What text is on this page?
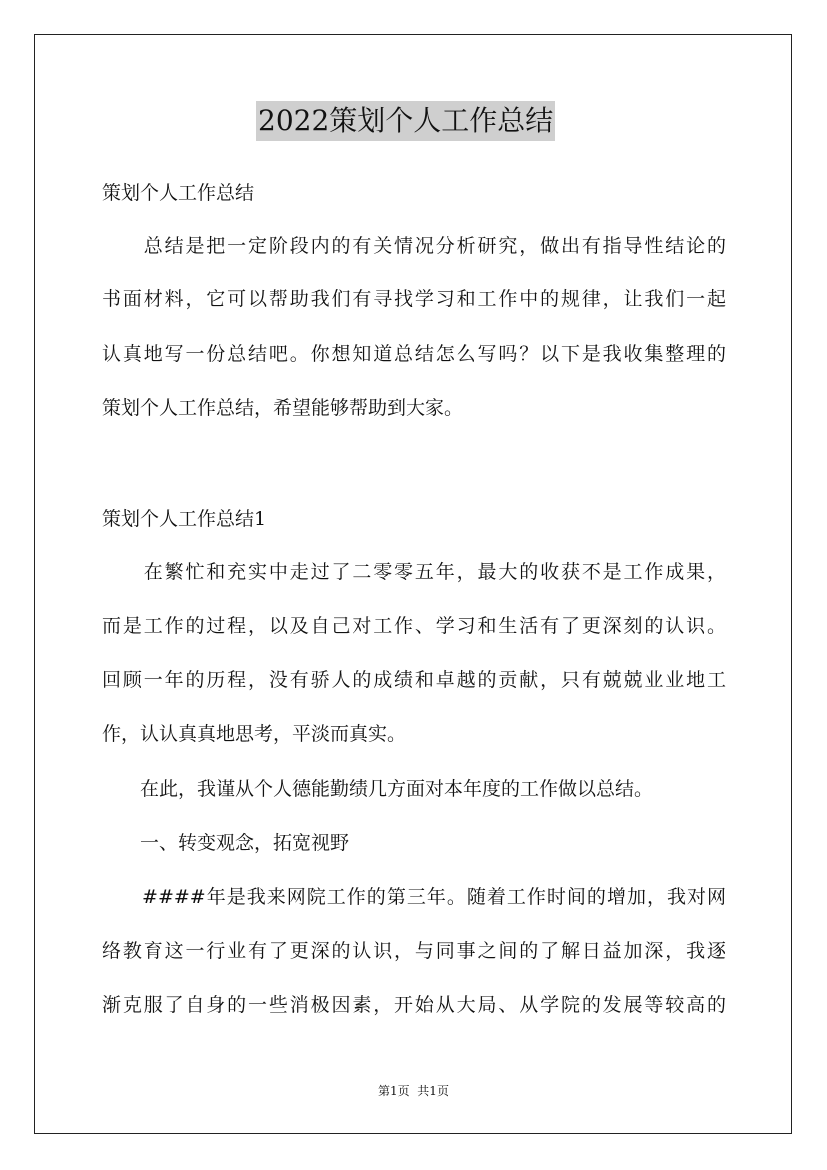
2022策划个人工作总结

策划个人工作总结

　　总结是把一定阶段内的有关情况分析研究，做出有指导性结论的

书面材料，它可以帮助我们有寻找学习和工作中的规律，让我们一起

认真地写一份总结吧。你想知道总结怎么写吗？以下是我收集整理的

策划个人工作总结，希望能够帮助到大家。

策划个人工作总结1

　　在繁忙和充实中走过了二零零五年，最大的收获不是工作成果，

而是工作的过程，以及自己对工作、学习和生活有了更深刻的认识。

回顾一年的历程，没有骄人的成绩和卓越的贡献，只有兢兢业业地工

作，认认真真地思考，平淡而真实。

　　在此，我谨从个人德能勤绩几方面对本年度的工作做以总结。

　　一、转变观念，拓宽视野

　　####年是我来网院工作的第三年。随着工作时间的增加，我对网

络教育这一行业有了更深的认识，与同事之间的了解日益加深，我逐

渐克服了自身的一些消极因素，开始从大局、从学院的发展等较高的

第1页  共1页
